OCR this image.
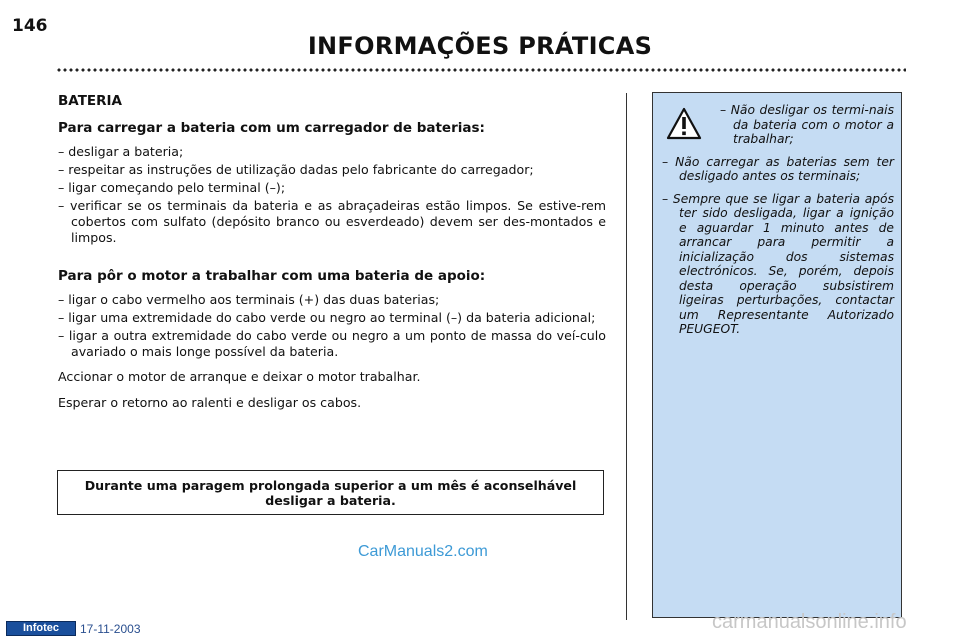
146
INFORMAÇÕES PRÁTICAS

BATERIA

Para carregar a bateria com um carregador de baterias:

– desligar a bateria;
– respeitar as instruções de utilização dadas pelo fabricante do carregador;
– ligar começando pelo terminal (–);
– verificar se os terminais da bateria e as abraçadeiras estão limpos. Se estive-rem cobertos com sulfato (depósito branco ou esverdeado) devem ser des-montados e limpos.

Para pôr o motor a trabalhar com uma bateria de apoio:

– ligar o cabo vermelho aos terminais (+) das duas baterias;
– ligar uma extremidade do cabo verde ou negro ao terminal (–) da bateria adicional;
– ligar a outra extremidade do cabo verde ou negro a um ponto de massa do veí-culo avariado o mais longe possível da bateria.

Accionar o motor de arranque e deixar o motor trabalhar.

Esperar o retorno ao ralenti e desligar os cabos.

Durante uma paragem prolongada superior a um mês é aconselhável desligar a bateria.
CarManuals2.com

– Não desligar os termi-nais da bateria com o motor a trabalhar;

– Não carregar as baterias sem ter desligado antes os terminais;
– Sempre que se ligar a bateria após ter sido desligada, ligar a ignição e aguardar 1 minuto antes de arrancar para permitir a inicialização dos sistemas electrónicos. Se, porém, depois desta operação subsistirem ligeiras perturbações, contactar um Representante Autorizado PEUGEOT.
Infotec	17-11-2003	carmanualsonline.info
